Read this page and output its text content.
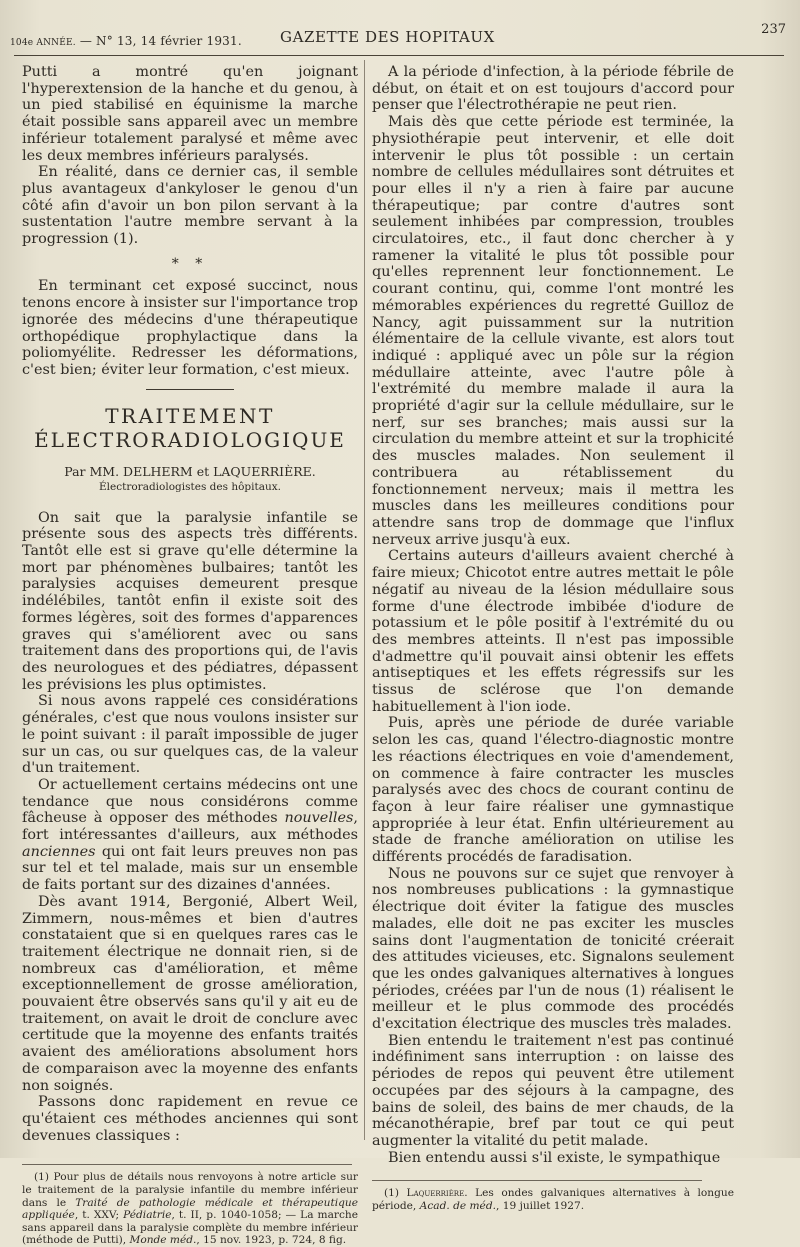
104e ANNÉE. — N° 13, 14 février 1931.	GAZETTE DES HOPITAUX	237

Putti a montré qu'en joignant l'hyperextension de la hanche et du genou, à un pied stabilisé en équinisme la marche était possible sans appareil avec un membre inférieur totalement paralysé et même avec les deux membres inférieurs paralysés.

En réalité, dans ce dernier cas, il semble plus avantageux d'ankyloser le genou d'un côté afin d'avoir un bon pilon servant à la sustentation l'autre membre servant à la progression (1).

* *

En terminant cet exposé succinct, nous tenons encore à insister sur l'importance trop ignorée des médecins d'une thérapeutique orthopédique prophylactique dans la poliomyélite. Redresser les déformations, c'est bien; éviter leur formation, c'est mieux.

TRAITEMENT
ÉLECTRORADIOLOGIQUE
Par MM. DELHERM et LAQUERRIÈRE.
Électroradiologistes des hôpitaux.

On sait que la paralysie infantile se présente sous des aspects très différents. Tantôt elle est si grave qu'elle détermine la mort par phénomènes bulbaires; tantôt les paralysies acquises demeurent presque indélébiles, tantôt enfin il existe soit des formes légères, soit des formes d'apparences graves qui s'améliorent avec ou sans traitement dans des proportions qui, de l'avis des neurologues et des pédiatres, dépassent les prévisions les plus optimistes.

Si nous avons rappelé ces considérations générales, c'est que nous voulons insister sur le point suivant : il paraît impossible de juger sur un cas, ou sur quelques cas, de la valeur d'un traitement.

Or actuellement certains médecins ont une tendance que nous considérons comme fâcheuse à opposer des méthodes nouvelles, fort intéressantes d'ailleurs, aux méthodes anciennes qui ont fait leurs preuves non pas sur tel et tel malade, mais sur un ensemble de faits portant sur des dizaines d'années.

Dès avant 1914, Bergonié, Albert Weil, Zimmern, nous-mêmes et bien d'autres constataient que si en quelques rares cas le traitement électrique ne donnait rien, si de nombreux cas d'amélioration, et même exceptionnellement de grosse amélioration, pouvaient être observés sans qu'il y ait eu de traitement, on avait le droit de conclure avec certitude que la moyenne des enfants traités avaient des améliorations absolument hors de comparaison avec la moyenne des enfants non soignés.

Passons donc rapidement en revue ce qu'étaient ces méthodes anciennes qui sont devenues classiques :

(1) Pour plus de détails nous renvoyons à notre article sur le traitement de la paralysie infantile du membre inférieur dans le Traité de pathologie médicale et thérapeutique appliquée, t. XXV; Pédiatrie, t. II, p. 1040-1058; — La marche sans appareil dans la paralysie complète du membre inférieur (méthode de Putti), Monde méd., 15 nov. 1923, p. 724, 8 fig.

A la période d'infection, à la période fébrile de début, on était et on est toujours d'accord pour penser que l'électrothérapie ne peut rien.

Mais dès que cette période est terminée, la physiothérapie peut intervenir, et elle doit intervenir le plus tôt possible : un certain nombre de cellules médullaires sont détruites et pour elles il n'y a rien à faire par aucune thérapeutique; par contre d'autres sont seulement inhibées par compression, troubles circulatoires, etc., il faut donc chercher à y ramener la vitalité le plus tôt possible pour qu'elles reprennent leur fonctionnement. Le courant continu, qui, comme l'ont montré les mémorables expériences du regretté Guilloz de Nancy, agit puissamment sur la nutrition élémentaire de la cellule vivante, est alors tout indiqué : appliqué avec un pôle sur la région médullaire atteinte, avec l'autre pôle à l'extrémité du membre malade il aura la propriété d'agir sur la cellule médullaire, sur le nerf, sur ses branches; mais aussi sur la circulation du membre atteint et sur la trophicité des muscles malades. Non seulement il contribuera au rétablissement du fonctionnement nerveux; mais il mettra les muscles dans les meilleures conditions pour attendre sans trop de dommage que l'influx nerveux arrive jusqu'à eux.

Certains auteurs d'ailleurs avaient cherché à faire mieux; Chicotot entre autres mettait le pôle négatif au niveau de la lésion médullaire sous forme d'une électrode imbibée d'iodure de potassium et le pôle positif à l'extrémité du ou des membres atteints. Il n'est pas impossible d'admettre qu'il pouvait ainsi obtenir les effets antiseptiques et les effets régressifs sur les tissus de sclérose que l'on demande habituellement à l'ion iode.

Puis, après une période de durée variable selon les cas, quand l'électro-diagnostic montre les réactions électriques en voie d'amendement, on commence à faire contracter les muscles paralysés avec des chocs de courant continu de façon à leur faire réaliser une gymnastique appropriée à leur état. Enfin ultérieurement au stade de franche amélioration on utilise les différents procédés de faradisation.

Nous ne pouvons sur ce sujet que renvoyer à nos nombreuses publications : la gymnastique électrique doit éviter la fatigue des muscles malades, elle doit ne pas exciter les muscles sains dont l'augmentation de tonicité créerait des attitudes vicieuses, etc. Signalons seulement que les ondes galvaniques alternatives à longues périodes, créées par l'un de nous (1) réalisent le meilleur et le plus commode des procédés d'excitation électrique des muscles très malades.

Bien entendu le traitement n'est pas continué indéfiniment sans interruption : on laisse des périodes de repos qui peuvent être utilement occupées par des séjours à la campagne, des bains de soleil, des bains de mer chauds, de la mécanothérapie, bref par tout ce qui peut augmenter la vitalité du petit malade.

Bien entendu aussi s'il existe, le sympathique

(1) Laquerrière. Les ondes galvaniques alternatives à longue période, Acad. de méd., 19 juillet 1927.
